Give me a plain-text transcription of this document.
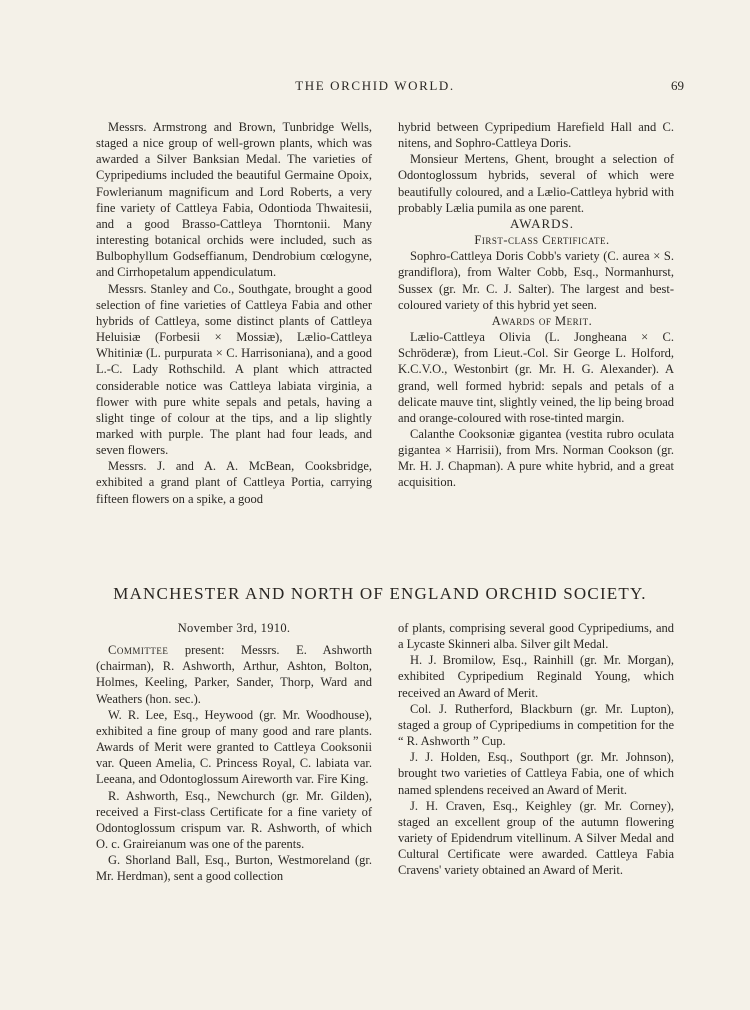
THE ORCHID WORLD.	69

Messrs. Armstrong and Brown, Tunbridge Wells, staged a nice group of well-grown plants, which was awarded a Silver Banksian Medal. The varieties of Cypripediums included the beautiful Germaine Opoix, Fowlerianum magnificum and Lord Roberts, a very fine variety of Cattleya Fabia, Odontioda Thwaitesii, and a good Brasso-Cattleya Thorntonii. Many interesting botanical orchids were included, such as Bulbophyllum Godseffianum, Dendrobium cœlogyne, and Cirrhopetalum appendiculatum.

Messrs. Stanley and Co., Southgate, brought a good selection of fine varieties of Cattleya Fabia and other hybrids of Cattleya, some distinct plants of Cattleya Heluisiæ (Forbesii × Mossiæ), Lælio-Cattleya Whitiniæ (L. purpurata × C. Harrisoniana), and a good L.-C. Lady Rothschild. A plant which attracted considerable notice was Cattleya labiata virginia, a flower with pure white sepals and petals, having a slight tinge of colour at the tips, and a lip slightly marked with purple. The plant had four leads, and seven flowers.

Messrs. J. and A. A. McBean, Cooksbridge, exhibited a grand plant of Cattleya Portia, carrying fifteen flowers on a spike, a good

hybrid between Cypripedium Harefield Hall and C. nitens, and Sophro-Cattleya Doris.

Monsieur Mertens, Ghent, brought a selection of Odontoglossum hybrids, several of which were beautifully coloured, and a Lælio-Cattleya hybrid with probably Lælia pumila as one parent.

AWARDS.

First-class Certificate.

Sophro-Cattleya Doris Cobb's variety (C. aurea × S. grandiflora), from Walter Cobb, Esq., Normanhurst, Sussex (gr. Mr. C. J. Salter). The largest and best-coloured variety of this hybrid yet seen.

Awards of Merit.

Lælio-Cattleya Olivia (L. Jongheana × C. Schröderæ), from Lieut.-Col. Sir George L. Holford, K.C.V.O., Westonbirt (gr. Mr. H. G. Alexander). A grand, well formed hybrid: sepals and petals of a delicate mauve tint, slightly veined, the lip being broad and orange-coloured with rose-tinted margin.

Calanthe Cooksoniæ gigantea (vestita rubro oculata gigantea × Harrisii), from Mrs. Norman Cookson (gr. Mr. H. J. Chapman). A pure white hybrid, and a great acquisition.

MANCHESTER AND NORTH OF ENGLAND ORCHID SOCIETY.

November 3rd, 1910.

Committee present: Messrs. E. Ashworth (chairman), R. Ashworth, Arthur, Ashton, Bolton, Holmes, Keeling, Parker, Sander, Thorp, Ward and Weathers (hon. sec.).

W. R. Lee, Esq., Heywood (gr. Mr. Woodhouse), exhibited a fine group of many good and rare plants. Awards of Merit were granted to Cattleya Cooksonii var. Queen Amelia, C. Princess Royal, C. labiata var. Leeana, and Odontoglossum Aireworth var. Fire King.

R. Ashworth, Esq., Newchurch (gr. Mr. Gilden), received a First-class Certificate for a fine variety of Odontoglossum crispum var. R. Ashworth, of which O. c. Graireianum was one of the parents.

G. Shorland Ball, Esq., Burton, Westmoreland (gr. Mr. Herdman), sent a good collection

of plants, comprising several good Cypripediums, and a Lycaste Skinneri alba. Silver gilt Medal.

H. J. Bromilow, Esq., Rainhill (gr. Mr. Morgan), exhibited Cypripedium Reginald Young, which received an Award of Merit.

Col. J. Rutherford, Blackburn (gr. Mr. Lupton), staged a group of Cypripediums in competition for the “ R. Ashworth ” Cup.

J. J. Holden, Esq., Southport (gr. Mr. Johnson), brought two varieties of Cattleya Fabia, one of which named splendens received an Award of Merit.

J. H. Craven, Esq., Keighley (gr. Mr. Corney), staged an excellent group of the autumn flowering variety of Epidendrum vitellinum. A Silver Medal and Cultural Certificate were awarded. Cattleya Fabia Cravens' variety obtained an Award of Merit.
